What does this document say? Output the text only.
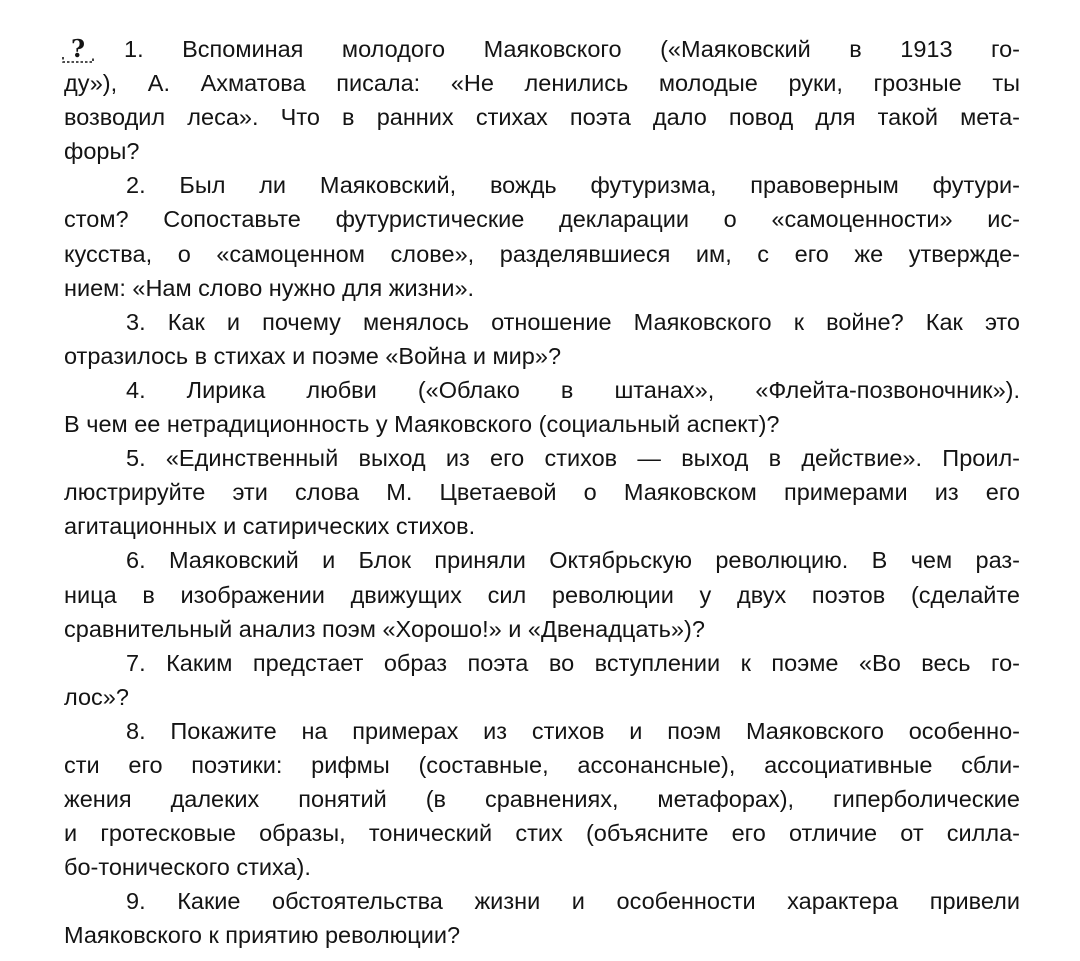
? 1. Вспоминая молодого Маяковского («Маяковский в 1913 го-
ду»), А. Ахматова писала: «Не ленились молодые руки, грозные ты
возводил леса». Что в ранних стихах поэта дало повод для такой мета-
форы?
2. Был ли Маяковский, вождь футуризма, правоверным футури-
стом? Сопоставьте футуристические декларации о «самоценности» ис-
кусства, о «самоценном слове», разделявшиеся им, с его же утвержде-
нием: «Нам слово нужно для жизни».
3. Как и почему менялось отношение Маяковского к войне? Как это
отразилось в стихах и поэме «Война и мир»?
4. Лирика любви («Облако в штанах», «Флейта-позвоночник»).
В чем ее нетрадиционность у Маяковского (социальный аспект)?
5. «Единственный выход из его стихов — выход в действие». Проил-
люстрируйте эти слова М. Цветаевой о Маяковском примерами из его
агитационных и сатирических стихов.
6. Маяковский и Блок приняли Октябрьскую революцию. В чем раз-
ница в изображении движущих сил революции у двух поэтов (сделайте
сравнительный анализ поэм «Хорошо!» и «Двенадцать»)?
7. Каким предстает образ поэта во вступлении к поэме «Во весь го-
лос»?
8. Покажите на примерах из стихов и поэм Маяковского особенно-
сти его поэтики: рифмы (составные, ассонансные), ассоциативные сбли-
жения далеких понятий (в сравнениях, метафорах), гиперболические
и гротесковые образы, тонический стих (объясните его отличие от силла-
бо-тонического стиха).
9. Какие обстоятельства жизни и особенности характера привели
Маяковского к приятию революции?
